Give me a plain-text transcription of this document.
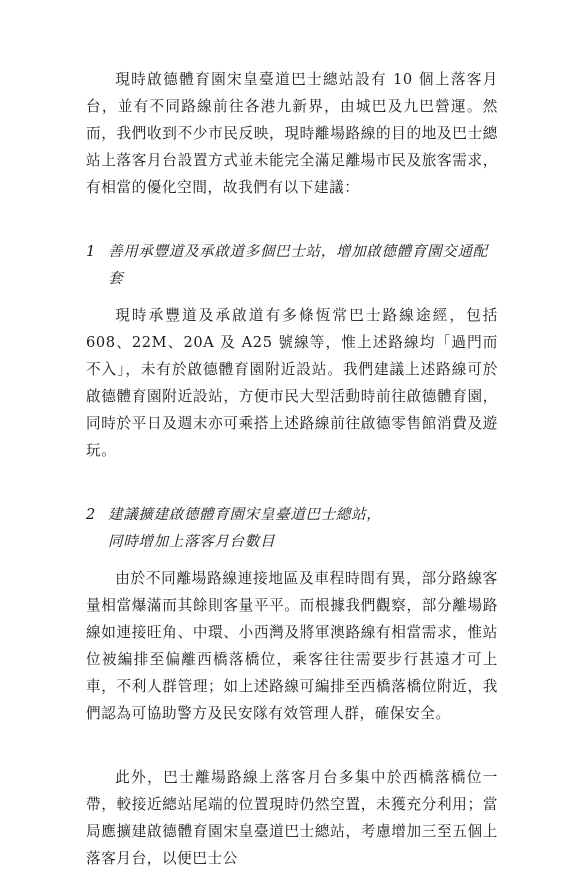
現時啟德體育園宋皇臺道巴士總站設有 10 個上落客月台，並有不同路線前往各港九新界，由城巴及九巴營運。然而，我們收到不少市民反映，現時離場路線的目的地及巴士總站上落客月台設置方式並未能完全滿足離場市民及旅客需求，有相當的優化空間，故我們有以下建議：

1 善用承豐道及承啟道多個巴士站，增加啟德體育園交通配套

現時承豐道及承啟道有多條恆常巴士路線途經，包括 608、22M、20A 及 A25 號線等，惟上述路線均「過門而不入」，未有於啟德體育園附近設站。我們建議上述路線可於啟德體育園附近設站，方便市民大型活動時前往啟德體育園，同時於平日及週末亦可乘搭上述路線前往啟德零售館消費及遊玩。

2 建議擴建啟德體育園宋皇臺道巴士總站，
同時增加上落客月台數目

由於不同離場路線連接地區及車程時間有異，部分路線客量相當爆滿而其餘則客量平平。而根據我們觀察，部分離場路線如連接旺角、中環、小西灣及將軍澳路線有相當需求，惟站位被編排至偏離西橋落橋位，乘客往往需要步行甚遠才可上車，不利人群管理；如上述路線可編排至西橋落橋位附近，我們認為可協助警方及民安隊有效管理人群，確保安全。

此外，巴士離場路線上落客月台多集中於西橋落橋位一帶，較接近總站尾端的位置現時仍然空置，未獲充分利用；當局應擴建啟德體育園宋皇臺道巴士總站，考慮增加三至五個上落客月台，以便巴士公
